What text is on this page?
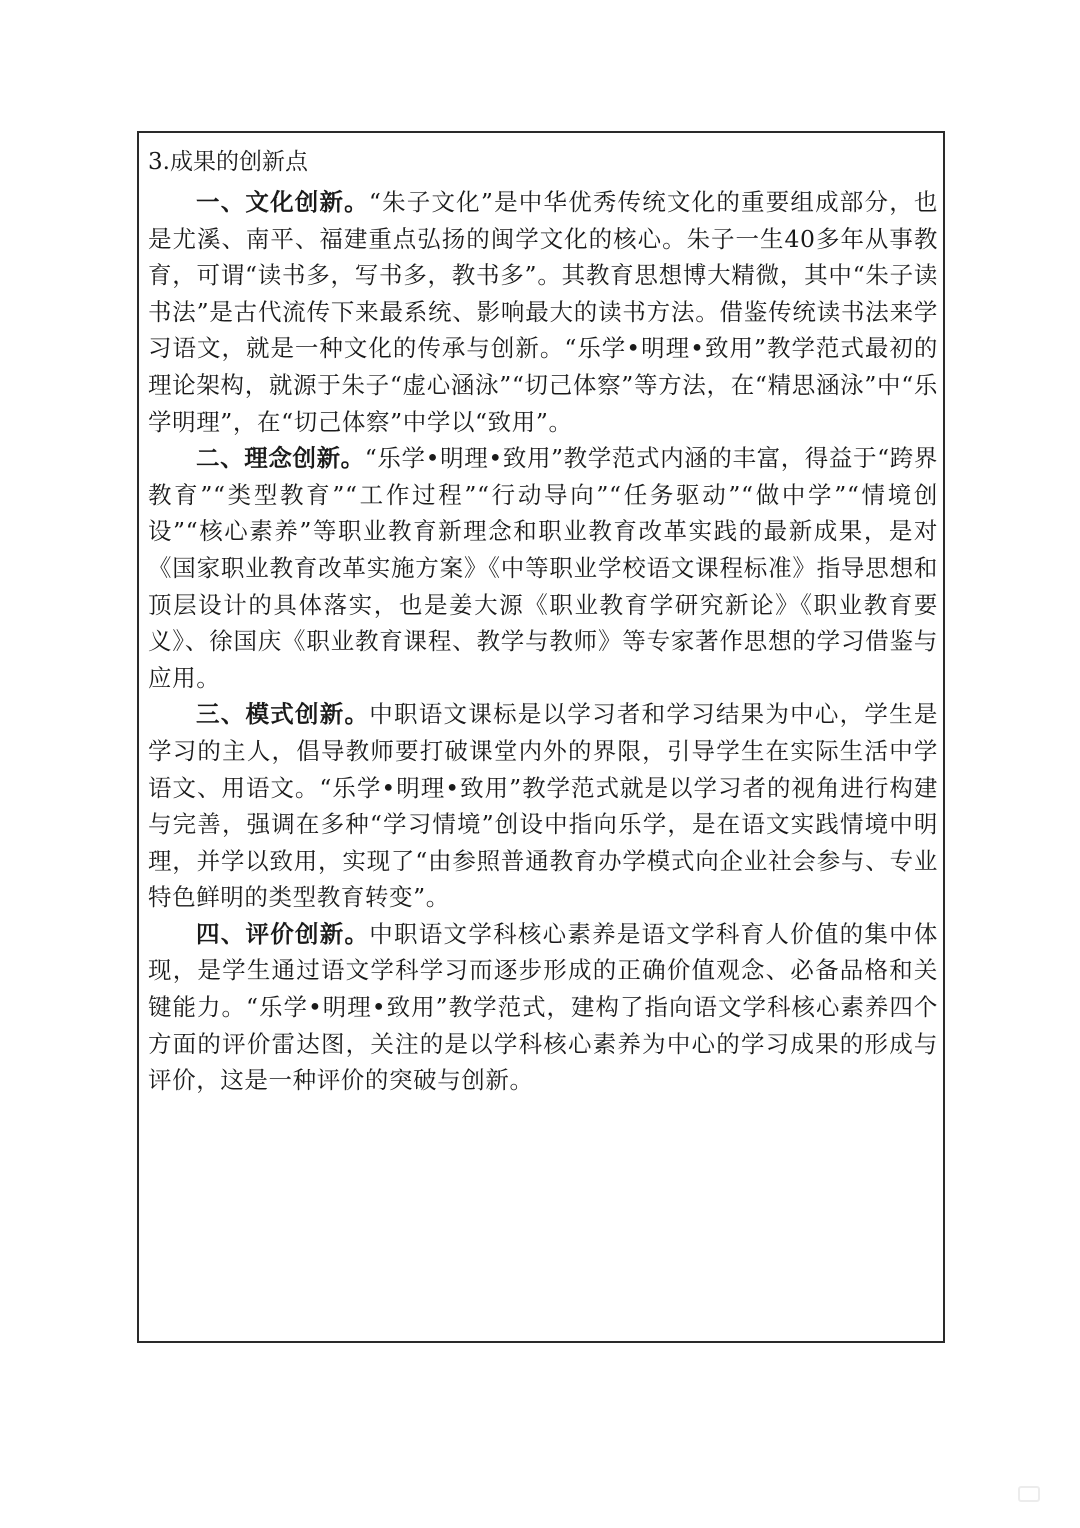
3.成果的创新点

一、文化创新。“朱子文化”是中华优秀传统文化的重要组成部分，也是尤溪、南平、福建重点弘扬的闽学文化的核心。朱子一生40多年从事教育，可谓“读书多，写书多，教书多”。其教育思想博大精微，其中“朱子读书法”是古代流传下来最系统、影响最大的读书方法。借鉴传统读书法来学习语文，就是一种文化的传承与创新。“乐学•明理•致用”教学范式最初的理论架构，就源于朱子“虚心涵泳”“切己体察”等方法，在“精思涵泳”中“乐学明理”，在“切己体察”中学以“致用”。

二、理念创新。“乐学•明理•致用”教学范式内涵的丰富，得益于“跨界教育”“类型教育”“工作过程”“行动导向”“任务驱动”“做中学”“情境创设”“核心素养”等职业教育新理念和职业教育改革实践的最新成果，是对《国家职业教育改革实施方案》《中等职业学校语文课程标准》指导思想和顶层设计的具体落实，也是姜大源《职业教育学研究新论》《职业教育要义》、徐国庆《职业教育课程、教学与教师》等专家著作思想的学习借鉴与应用。

三、模式创新。中职语文课标是以学习者和学习结果为中心，学生是学习的主人，倡导教师要打破课堂内外的界限，引导学生在实际生活中学语文、用语文。“乐学•明理•致用”教学范式就是以学习者的视角进行构建与完善，强调在多种“学习情境”创设中指向乐学，是在语文实践情境中明理，并学以致用，实现了“由参照普通教育办学模式向企业社会参与、专业特色鲜明的类型教育转变”。

四、评价创新。中职语文学科核心素养是语文学科育人价值的集中体现，是学生通过语文学科学习而逐步形成的正确价值观念、必备品格和关键能力。“乐学•明理•致用”教学范式，建构了指向语文学科核心素养四个方面的评价雷达图，关注的是以学科核心素养为中心的学习成果的形成与评价，这是一种评价的突破与创新。
